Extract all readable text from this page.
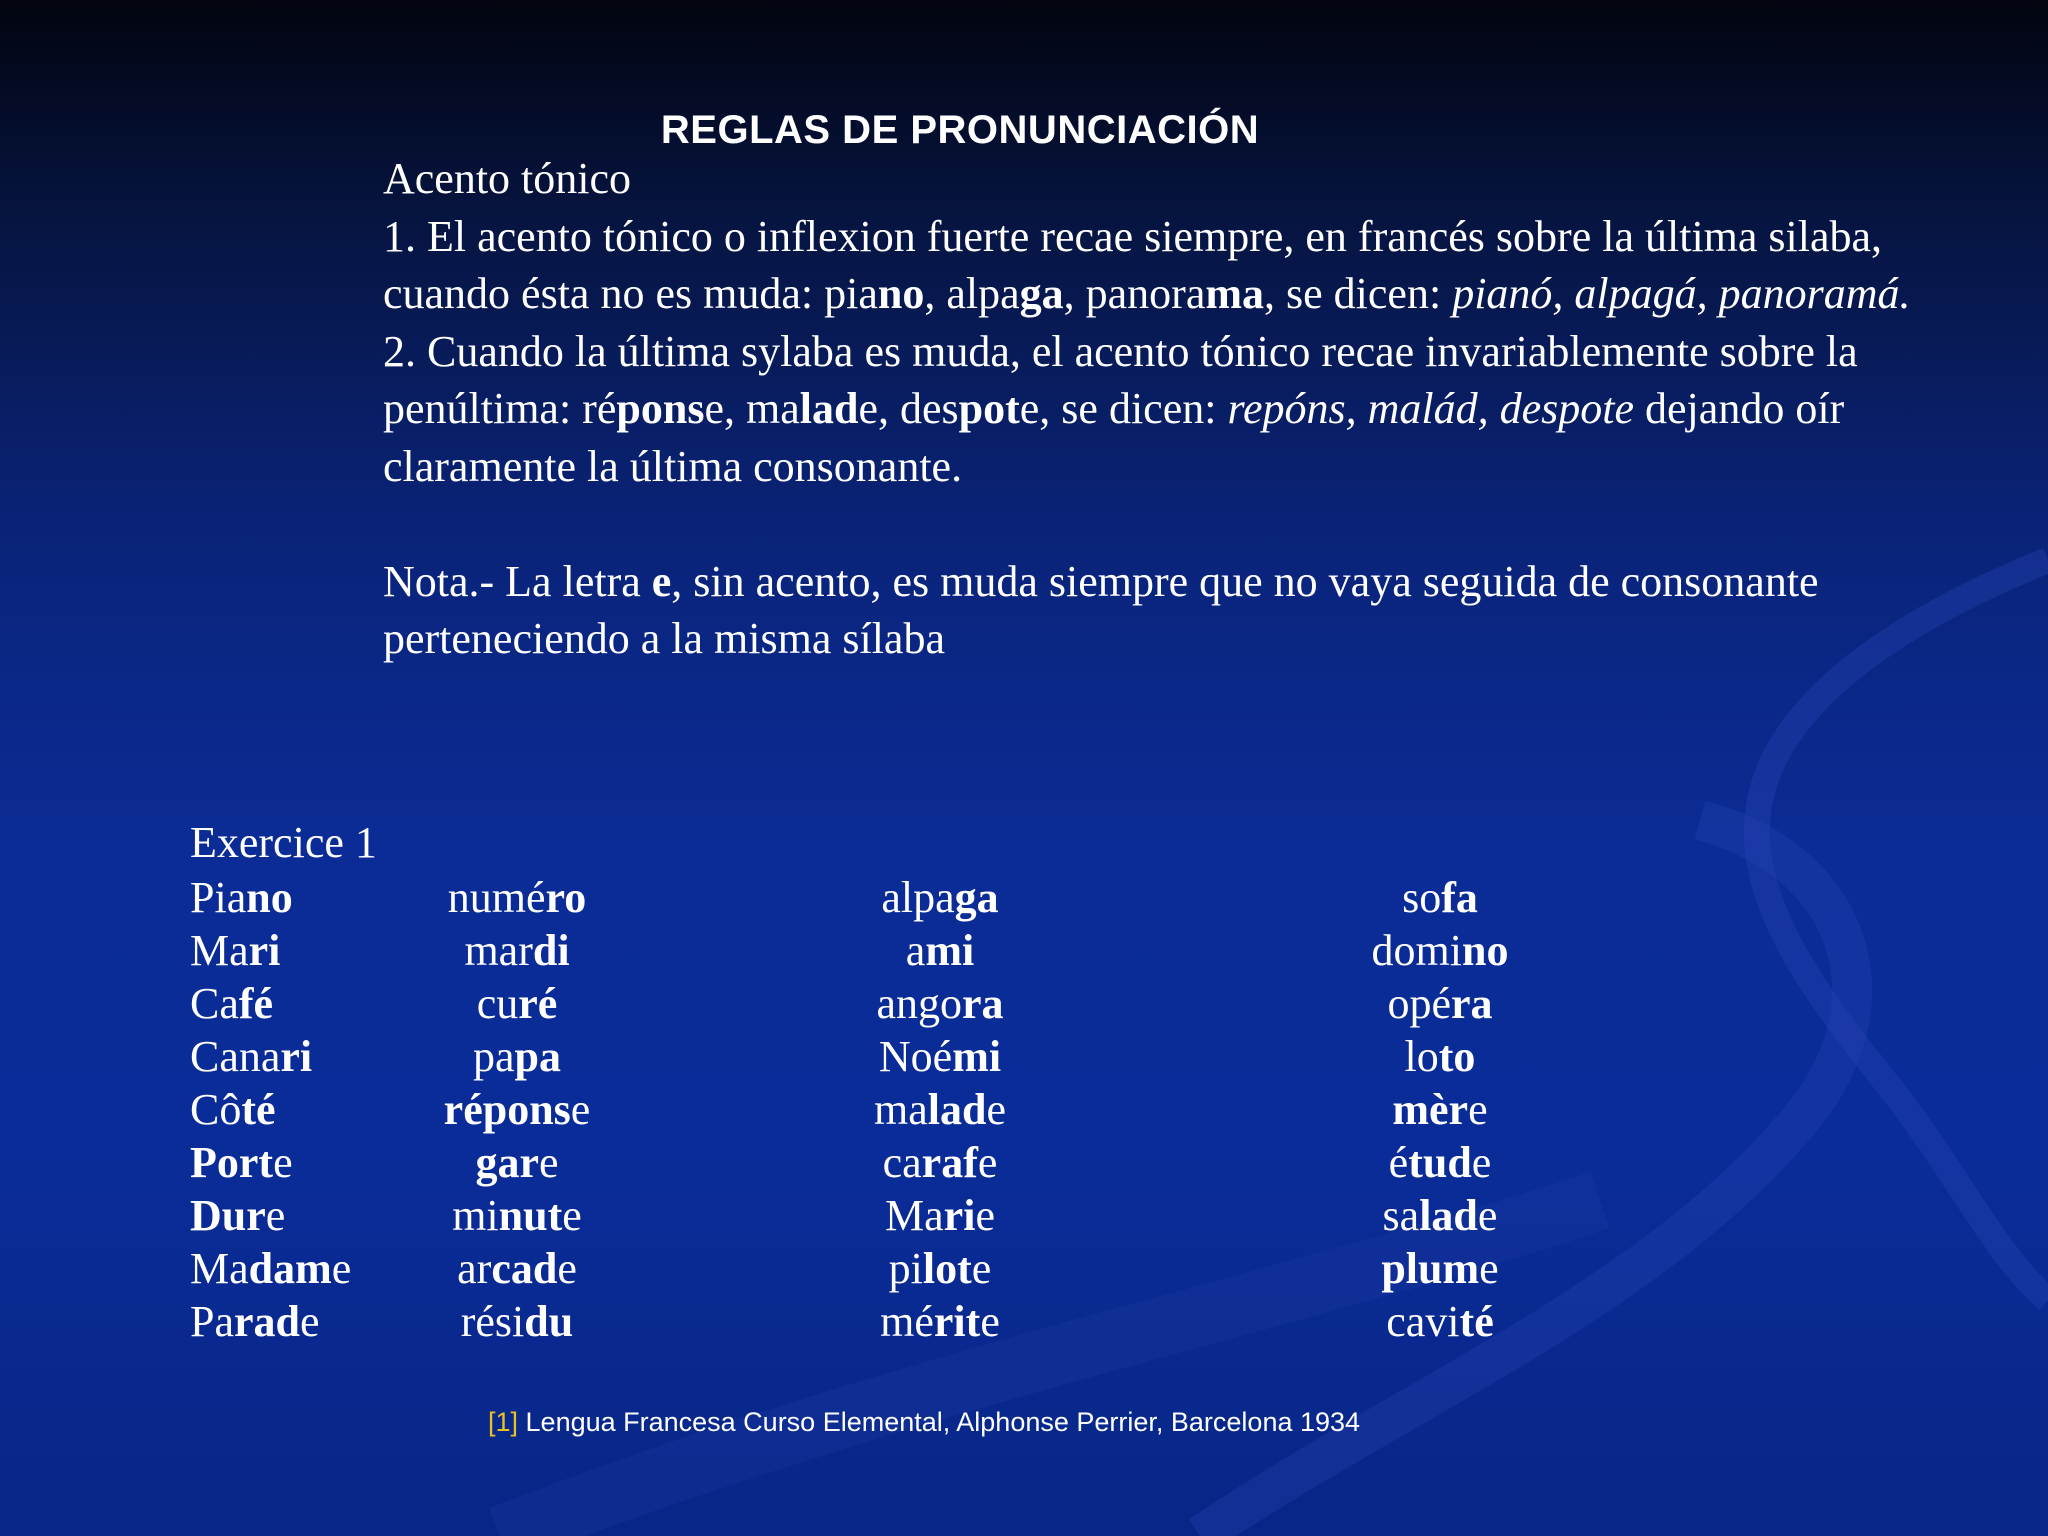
REGLAS DE PRONUNCIACIÓN

Acento tónico

1. El acento tónico o inflexion fuerte recae siempre, en francés sobre la última silaba, cuando ésta no es muda: piano, alpaga, panorama, se dicen: pianó, alpagá, panoramá.

2. Cuando la última sylaba es muda, el acento tónico recae invariablemente sobre la penúltima: réponse, malade, despote, se dicen: repóns, malád, despote dejando oír claramente la última consonante.

Nota.- La letra e, sin acento, es muda siempre que no vaya seguida de consonante perteneciendo a la misma sílaba

Exercice 1
Piano
Mari
Café
Canari
Côté
Porte
Dure
Madame
Parade
numéro
mardi
curé
papa
réponse
gare
minute
arcade
résidu
alpaga
ami
angora
Noémi
malade
carafe
Marie
pilote
mérite
sofa
domino
opéra
loto
mère
étude
salade
plume
cavité
[1] Lengua Francesa Curso Elemental, Alphonse Perrier, Barcelona 1934
